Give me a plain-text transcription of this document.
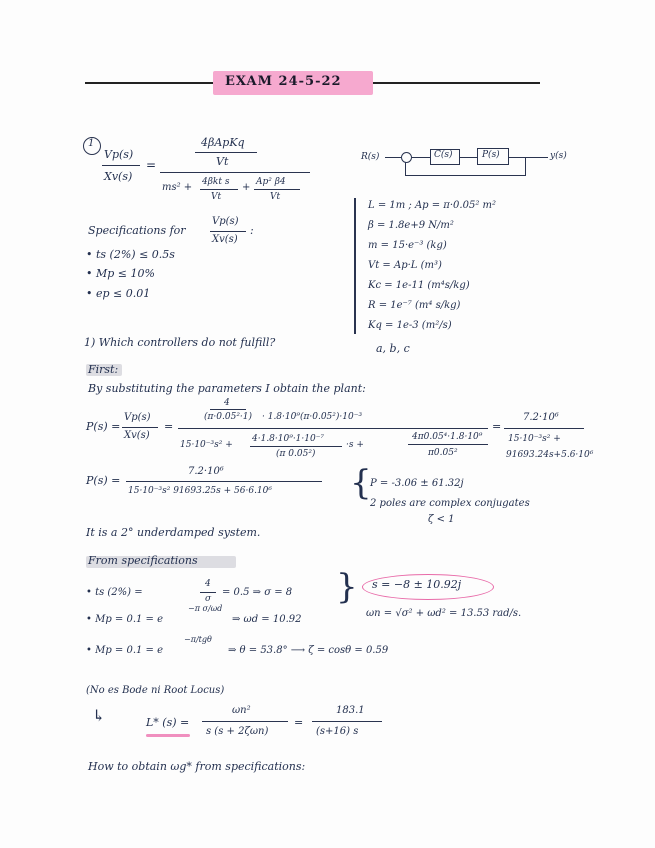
EXAM 24-5-22
1
Vp(s)
Xv(s)
=
4βApKq
Vt
ms² + 4βkt s
Vt
+ Ap² β4
Vt
R(s)	C(s)	P(s)	y(s)
Specifications for
Vp(s)
Xv(s)
:
• ts (2%) ≤ 0.5s
• Mp ≤ 10%
• ep ≤ 0.01
L = 1m ; Ap = π·0.05² m²
β = 1.8e+9 N/m²
m = 15·e⁻³ (kg)
Vt = Ap·L (m³)
Kc = 1e-11 (m⁴s/kg)
R = 1e⁻⁷ (m⁴ s/kg)
Kq = 1e-3 (m²/s)
1) Which controllers do not fulfill?	a, b, c
First:
By substituting the parameters I obtain the plant:
P(s) =
Vp(s)
Xv(s)
=
4
(π·0.05²·1) · 1.8·10⁹(π·0.05²)·10⁻³
15·10⁻³s² +
4·1.8·10⁹·1·10⁻⁷
(π 0.05²)
·s +
4π0.05⁴·1.8·10⁹
π0.05²
=
7.2·10⁶
15·10⁻³s² +
91693.24s+5.6·10⁶
P(s) =
7.2·10⁶
15·10⁻³s² 91693.25s + 56·6.10⁶ {
P = -3.06 ± 61.32j
2 poles are complex conjugates
ζ < 1
It is a 2° underdamped system.
From specifications
• ts (2%) =
4
σ
= 0.5 ⇒ σ = 8
• Mp = 0.1 = e
−π σ/ωd
⇒ ωd = 10.92
} s = −8 ± 10.92j
ωn = √σ² + ωd² = 13.53 rad/s.
• Mp = 0.1 = e
−π/tgθ
⇒ θ = 53.8° ⟶ ζ = cosθ = 0.59
(No es Bode ni Root Locus)
↳	L* (s) =
ωn²
s (s + 2ζωn)
=
183.1
(s+16) s
How to obtain ωg* from specifications:
